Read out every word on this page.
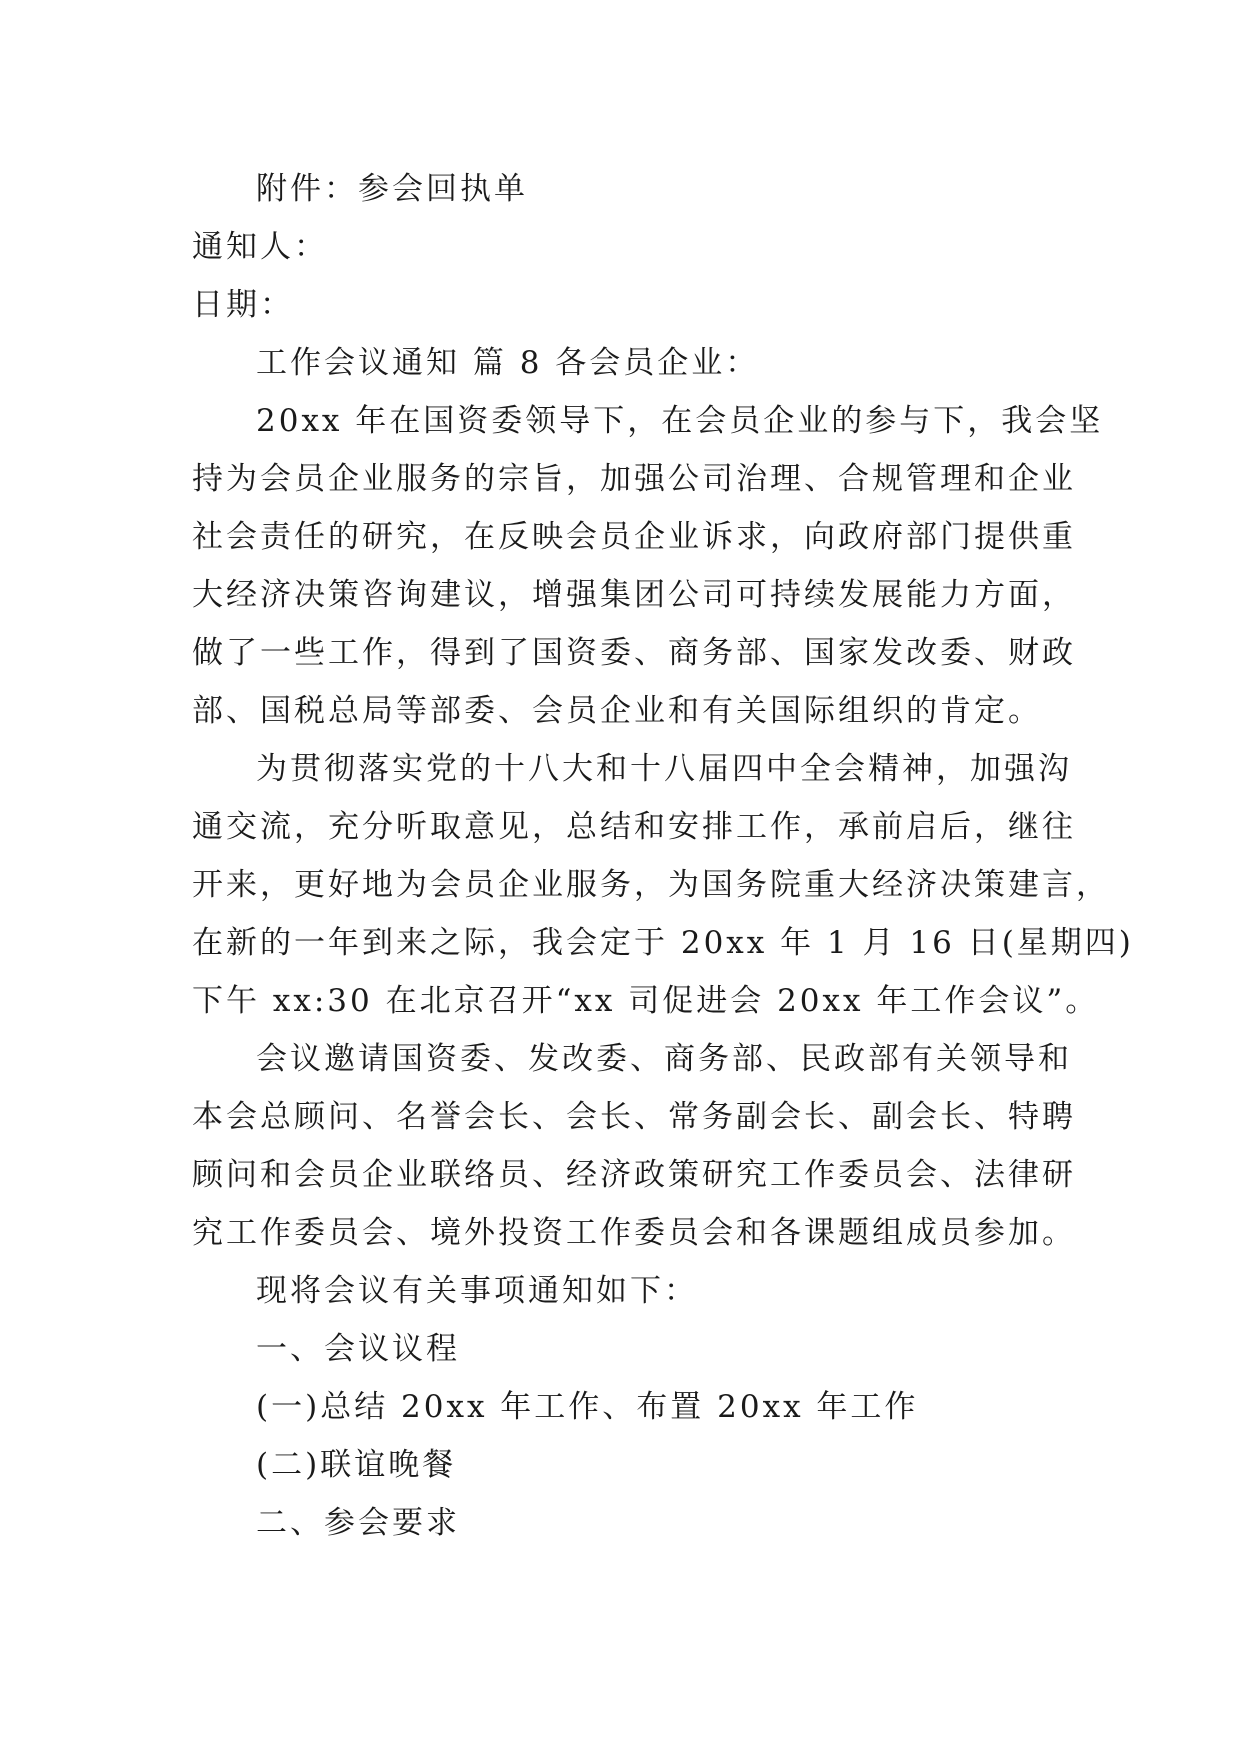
附件：参会回执单
通知人：
日期：
工作会议通知 篇 8 各会员企业：
20xx 年在国资委领导下，在会员企业的参与下，我会坚
持为会员企业服务的宗旨，加强公司治理、合规管理和企业
社会责任的研究，在反映会员企业诉求，向政府部门提供重
大经济决策咨询建议，增强集团公司可持续发展能力方面，
做了一些工作，得到了国资委、商务部、国家发改委、财政
部、国税总局等部委、会员企业和有关国际组织的肯定。
为贯彻落实党的十八大和十八届四中全会精神，加强沟
通交流，充分听取意见，总结和安排工作，承前启后，继往
开来，更好地为会员企业服务，为国务院重大经济决策建言，
在新的一年到来之际，我会定于 20xx 年 1 月 16 日(星期四)
下午 xx:30 在北京召开“xx 司促进会 20xx 年工作会议”。
会议邀请国资委、发改委、商务部、民政部有关领导和
本会总顾问、名誉会长、会长、常务副会长、副会长、特聘
顾问和会员企业联络员、经济政策研究工作委员会、法律研
究工作委员会、境外投资工作委员会和各课题组成员参加。
现将会议有关事项通知如下：
一、会议议程
(一)总结 20xx 年工作、布置 20xx 年工作
(二)联谊晚餐
二、参会要求
